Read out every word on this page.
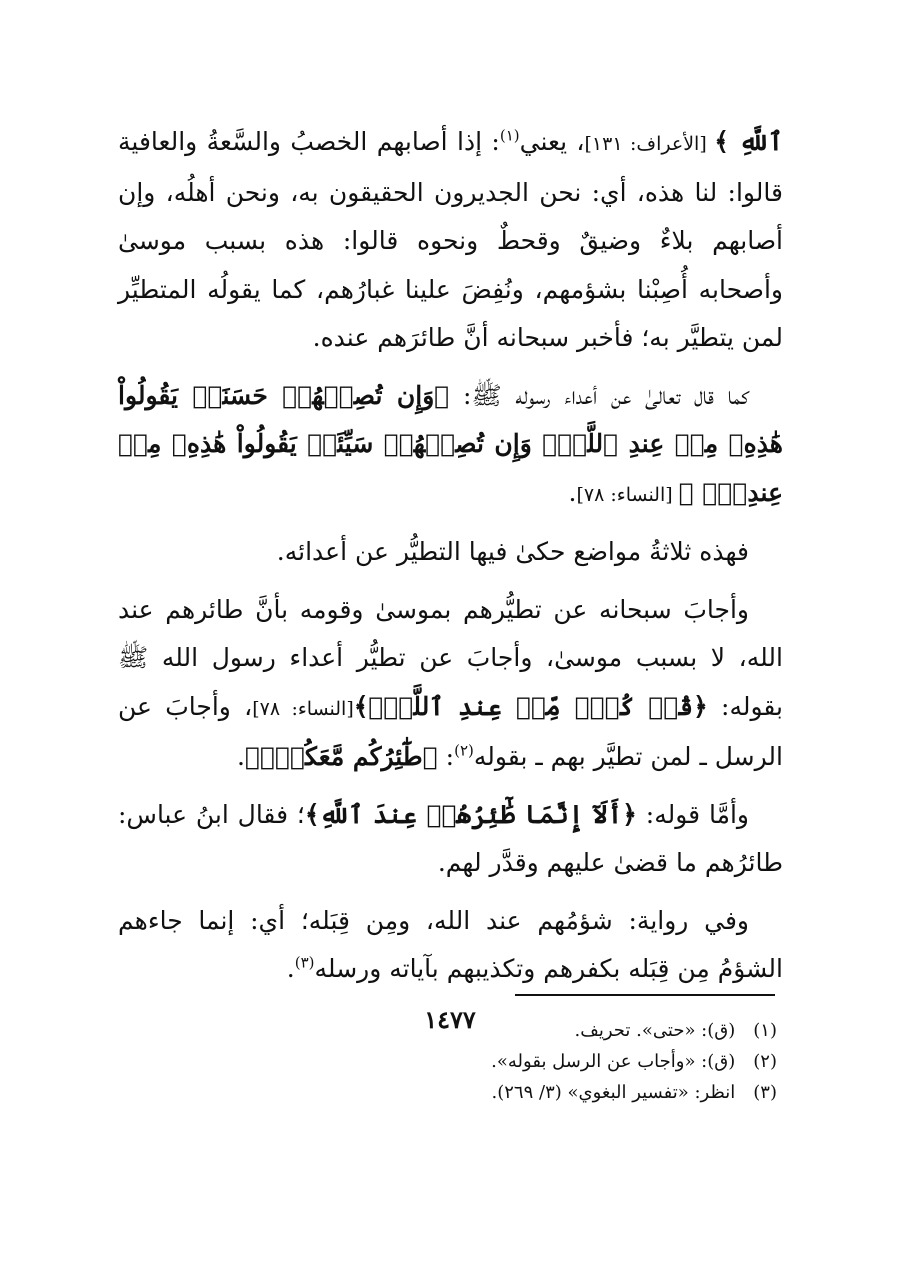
ٱللَّهِ ﴾ [الأعراف: ١٣١]، يعني$^{(١)}$: إذا أصابهم الخصبُ والسَّعةُ والعافية قالوا: لنا هذه، أي: نحن الجديرون الحقيقون به، ونحن أهلُه، وإن أصابهم بلاءٌ وضيقٌ وقحطٌ ونحوه قالوا: هذه بسبب موسىٰ وأصحابه أُصِبْنا بشؤمهم، ونُفِضَ علينا غبارُهم، كما يقولُه المتطيِّر لمن يتطيَّر به؛ فأخبر سبحانه أنَّ طائرَهم عنده.

كما قال تعالىٰ عن أعداء رسوله ﷺ: ﴿وَإِن تُصِبۡهُمۡ حَسَنَةٞ يَقُولُواْ هَٰذِهِۦ مِنۡ عِندِ ٱللَّهِۖ وَإِن تُصِبۡهُمۡ سَيِّئَةٞ يَقُولُواْ هَٰذِهِۦ مِنۡ عِندِكَۚ ﴾ [النساء: ٧٨].

فهذه ثلاثةُ مواضع حكىٰ فيها التطيُّر عن أعدائه.

وأجابَ سبحانه عن تطيُّرهم بموسىٰ وقومه بأنَّ طائرهم عند الله، لا بسبب موسىٰ، وأجابَ عن تطيُّر أعداء رسول الله ﷺ بقوله: ﴿قُلۡ كُلّٞ مِّنۡ عِندِ ٱللَّهِۖ﴾[النساء: ٧٨]، وأجابَ عن الرسل ـ لمن تطيَّر بهم ـ بقوله$^{(٢)}$: ﴿طَٰٓئِرُكُم مَّعَكُمۡۚ﴾.

وأمَّا قوله: ﴿أَلَآ إِنَّمَا طَٰٓئِرُهُمۡ عِندَ ٱللَّهِ﴾؛ فقال ابنُ عباس: طائرُهم ما قضىٰ عليهم وقدَّر لهم.

وفي رواية: شؤمُهم عند الله، ومِن قِبَله؛ أي: إنما جاءهم الشؤمُ مِن قِبَله بكفرهم وتكذيبهم بآياته ورسله$^{(٣)}$.

(١) (ق): «حتى». تحريف.

(٢) (ق): «وأجاب عن الرسل بقوله».

(٣) انظر: «تفسير البغوي» (٣/ ٢٦٩).

١٤٧٧
